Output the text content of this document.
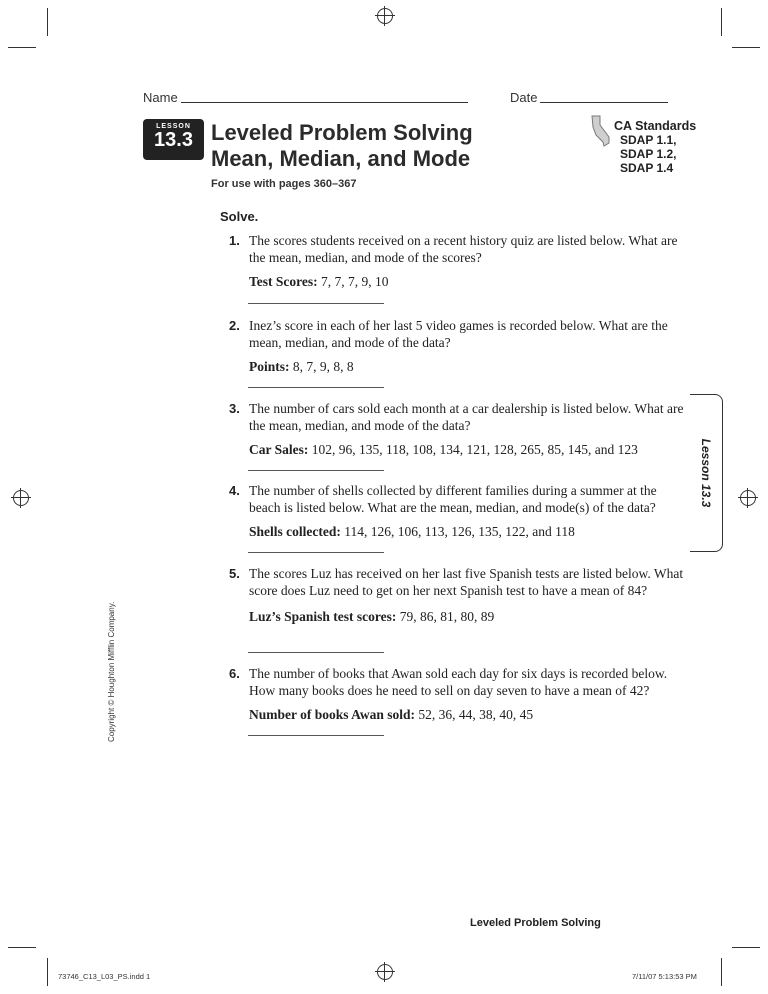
Name	Date
LESSON
13.3 Leveled Problem Solving
Mean, Median, and Mode
For use with pages 360–367
CA Standards
SDAP 1.1,
SDAP 1.2,
SDAP 1.4
Solve.
1. The scores students received on a recent history quiz are listed below. What are the mean, median, and mode of the scores?
Test Scores: 7, 7, 7, 9, 10
2. Inez’s score in each of her last 5 video games is recorded below. What are the mean, median, and mode of the data?
Points: 8, 7, 9, 8, 8
3. The number of cars sold each month at a car dealership is listed below. What are the mean, median, and mode of the data?
Car Sales: 102, 96, 135, 118, 108, 134, 121, 128, 265, 85, 145, and 123
4. The number of shells collected by different families during a summer at the beach is listed below. What are the mean, median, and mode(s) of the data?
Shells collected: 114, 126, 106, 113, 126, 135, 122, and 118
5. The scores Luz has received on her last five Spanish tests are listed below. What score does Luz need to get on her next Spanish test to have a mean of 84?
Luz’s Spanish test scores: 79, 86, 81, 80, 89
6. The number of books that Awan sold each day for six days is recorded below. How many books does he need to sell on day seven to have a mean of 42?
Number of books Awan sold: 52, 36, 44, 38, 40, 45
Lesson 13.3
Copyright © Houghton Mifflin Company.
Leveled Problem Solving
73746_C13_L03_PS.indd 1	7/11/07 5:13:53 PM
